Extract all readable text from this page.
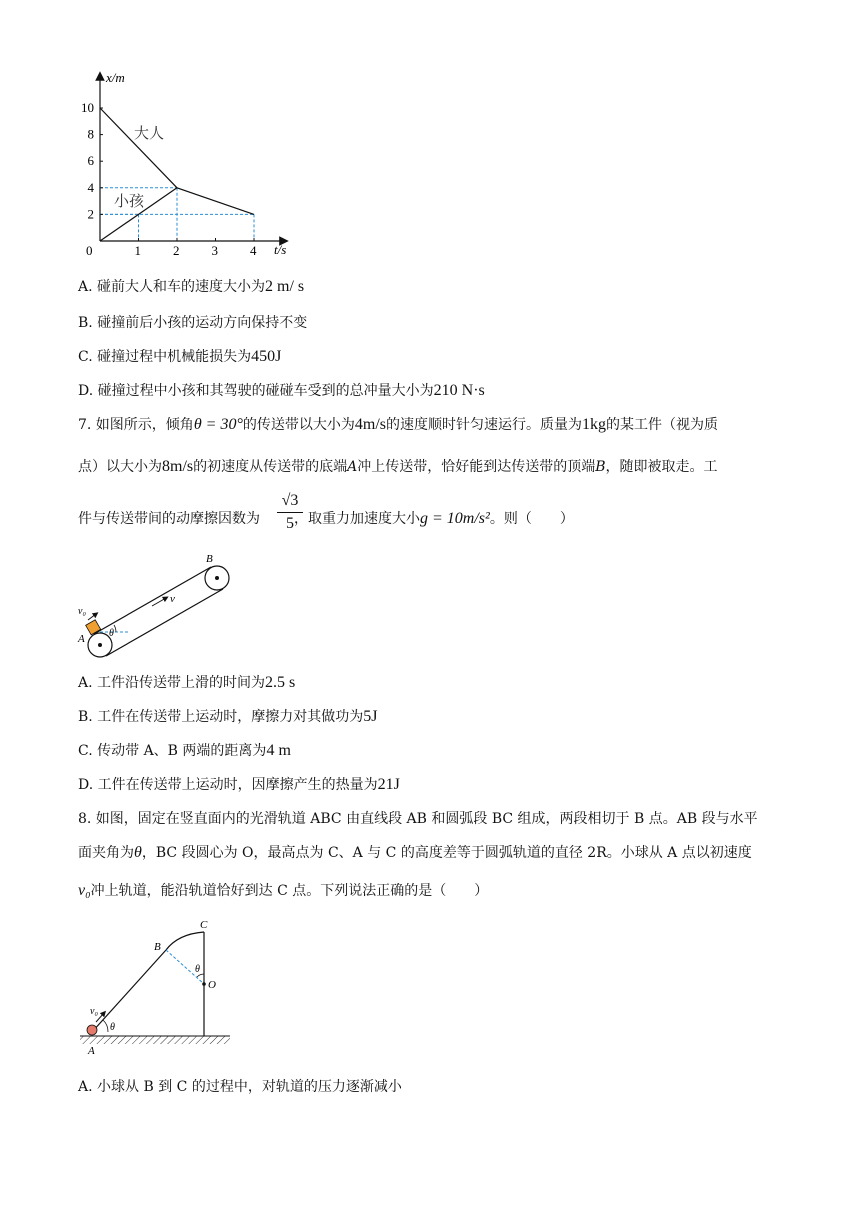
0	1 2 3 4
2
4
6
8
10
x/m
t/s
大人
小孩
A. 碰前大人和车的速度大小为2 m/ s
B. 碰撞前后小孩的运动方向保持不变
C. 碰撞过程中机械能损失为450J
D. 碰撞过程中小孩和其驾驶的碰碰车受到的总冲量大小为210 N·s
7. 如图所示，倾角θ = 30°的传送带以大小为4m/s的速度顺时针匀速运行。质量为1kg的某工件（视为质
点）以大小为8m/s的初速度从传送带的底端A冲上传送带，恰好能到达传送带的顶端B，随即被取走。工
件与传送带间的动摩擦因数为 ，取重力加速度大小g = 10m/s²。则（　　）
√3
5
B
v
v₀
A θ
A. 工件沿传送带上滑的时间为2.5 s
B. 工件在传送带上运动时，摩擦力对其做功为5J
C. 传动带 A、B 两端的距离为4 m
D. 工件在传送带上运动时，因摩擦产生的热量为21J
8. 如图，固定在竖直面内的光滑轨道 ABC 由直线段 AB 和圆弧段 BC 组成，两段相切于 B 点。AB 段与水平
面夹角为θ，BC 段圆心为 O，最高点为 C、A 与 C 的高度差等于圆弧轨道的直径 2R。小球从 A 点以初速度
v₀冲上轨道，能沿轨道恰好到达 C 点。下列说法正确的是（　　）
B
C
O
θ
θ
v₀
A
A. 小球从 B 到 C 的过程中，对轨道的压力逐渐减小
